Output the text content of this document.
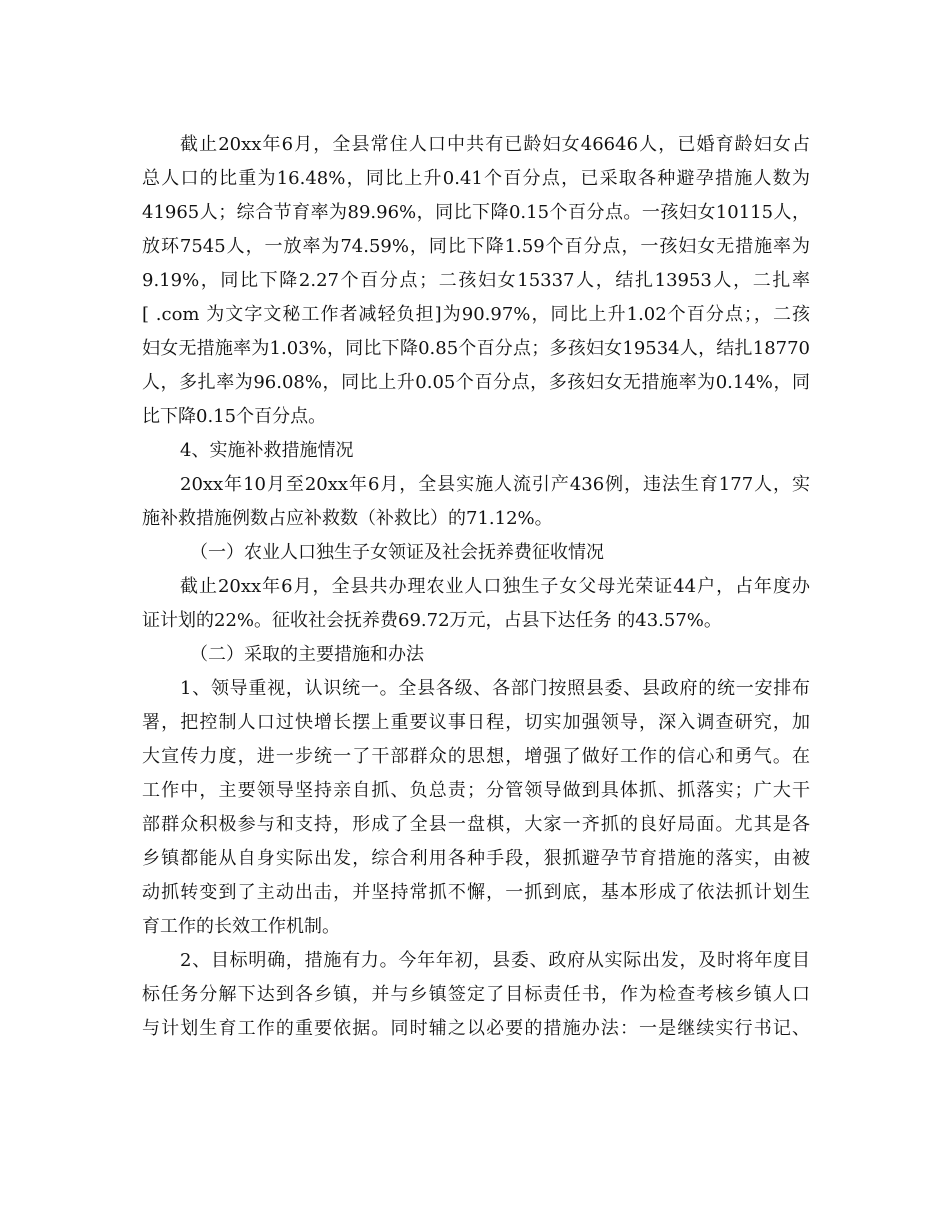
截止20xx年6月，全县常住人口中共有已龄妇女46646人，已婚育龄妇女占
总人口的比重为16.48%，同比上升0.41个百分点，已采取各种避孕措施人数为
41965人；综合节育率为89.96%，同比下降0.15个百分点。一孩妇女10115人，
放环7545人，一放率为74.59%，同比下降1.59个百分点，一孩妇女无措施率为
9.19%，同比下降2.27个百分点；二孩妇女15337人，结扎13953人，二扎率
[ .com 为文字文秘工作者减轻负担]为90.97%，同比上升1.02个百分点；，二孩
妇女无措施率为1.03%，同比下降0.85个百分点；多孩妇女19534人，结扎18770
人，多扎率为96.08%，同比上升0.05个百分点，多孩妇女无措施率为0.14%，同
比下降0.15个百分点。
4、实施补救措施情况
20xx年10月至20xx年6月，全县实施人流引产436例，违法生育177人，实
施补救措施例数占应补救数（补救比）的71.12%。
（一）农业人口独生子女领证及社会抚养费征收情况
截止20xx年6月，全县共办理农业人口独生子女父母光荣证44户，占年度办
证计划的22%。征收社会抚养费69.72万元，占县下达任务 的43.57%。
（二）采取的主要措施和办法
1、领导重视，认识统一。全县各级、各部门按照县委、县政府的统一安排布
署，把控制人口过快增长摆上重要议事日程，切实加强领导，深入调查研究，加
大宣传力度，进一步统一了干部群众的思想，增强了做好工作的信心和勇气。在
工作中，主要领导坚持亲自抓、负总责；分管领导做到具体抓、抓落实；广大干
部群众积极参与和支持，形成了全县一盘棋，大家一齐抓的良好局面。尤其是各
乡镇都能从自身实际出发，综合利用各种手段，狠抓避孕节育措施的落实，由被
动抓转变到了主动出击，并坚持常抓不懈，一抓到底，基本形成了依法抓计划生
育工作的长效工作机制。
2、目标明确，措施有力。今年年初，县委、政府从实际出发，及时将年度目
标任务分解下达到各乡镇，并与乡镇签定了目标责任书，作为检查考核乡镇人口
与计划生育工作的重要依据。同时辅之以必要的措施办法：一是继续实行书记、
